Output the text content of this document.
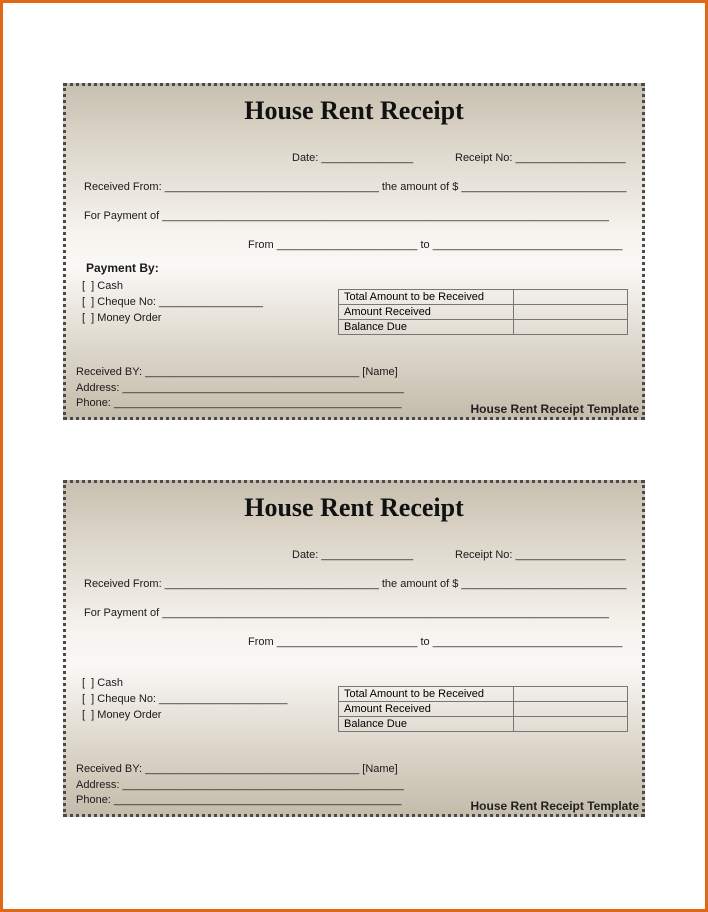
House Rent Receipt
Date: _______________	Receipt No: __________________
Received From: ___________________________________ the amount of $ ___________________________
For Payment of _________________________________________________________________________
From _______________________ to _______________________________
Payment By:
[  ] Cash
[  ] Cheque No: _________________
[  ] Money Order
Total Amount to be Received	
Amount Received	
Balance Due	
Received BY: ___________________________________ [Name]
Address: ______________________________________________
Phone: _______________________________________________	House Rent Receipt Template
House Rent Receipt
Date: _______________	Receipt No: __________________
Received From: ___________________________________ the amount of $ ___________________________
For Payment of _________________________________________________________________________
From _______________________ to _______________________________
[  ] Cash
[  ] Cheque No: _____________________
[  ] Money Order
Total Amount to be Received	
Amount Received	
Balance Due	
Received BY: ___________________________________ [Name]
Address: ______________________________________________
Phone: _______________________________________________	House Rent Receipt Template
